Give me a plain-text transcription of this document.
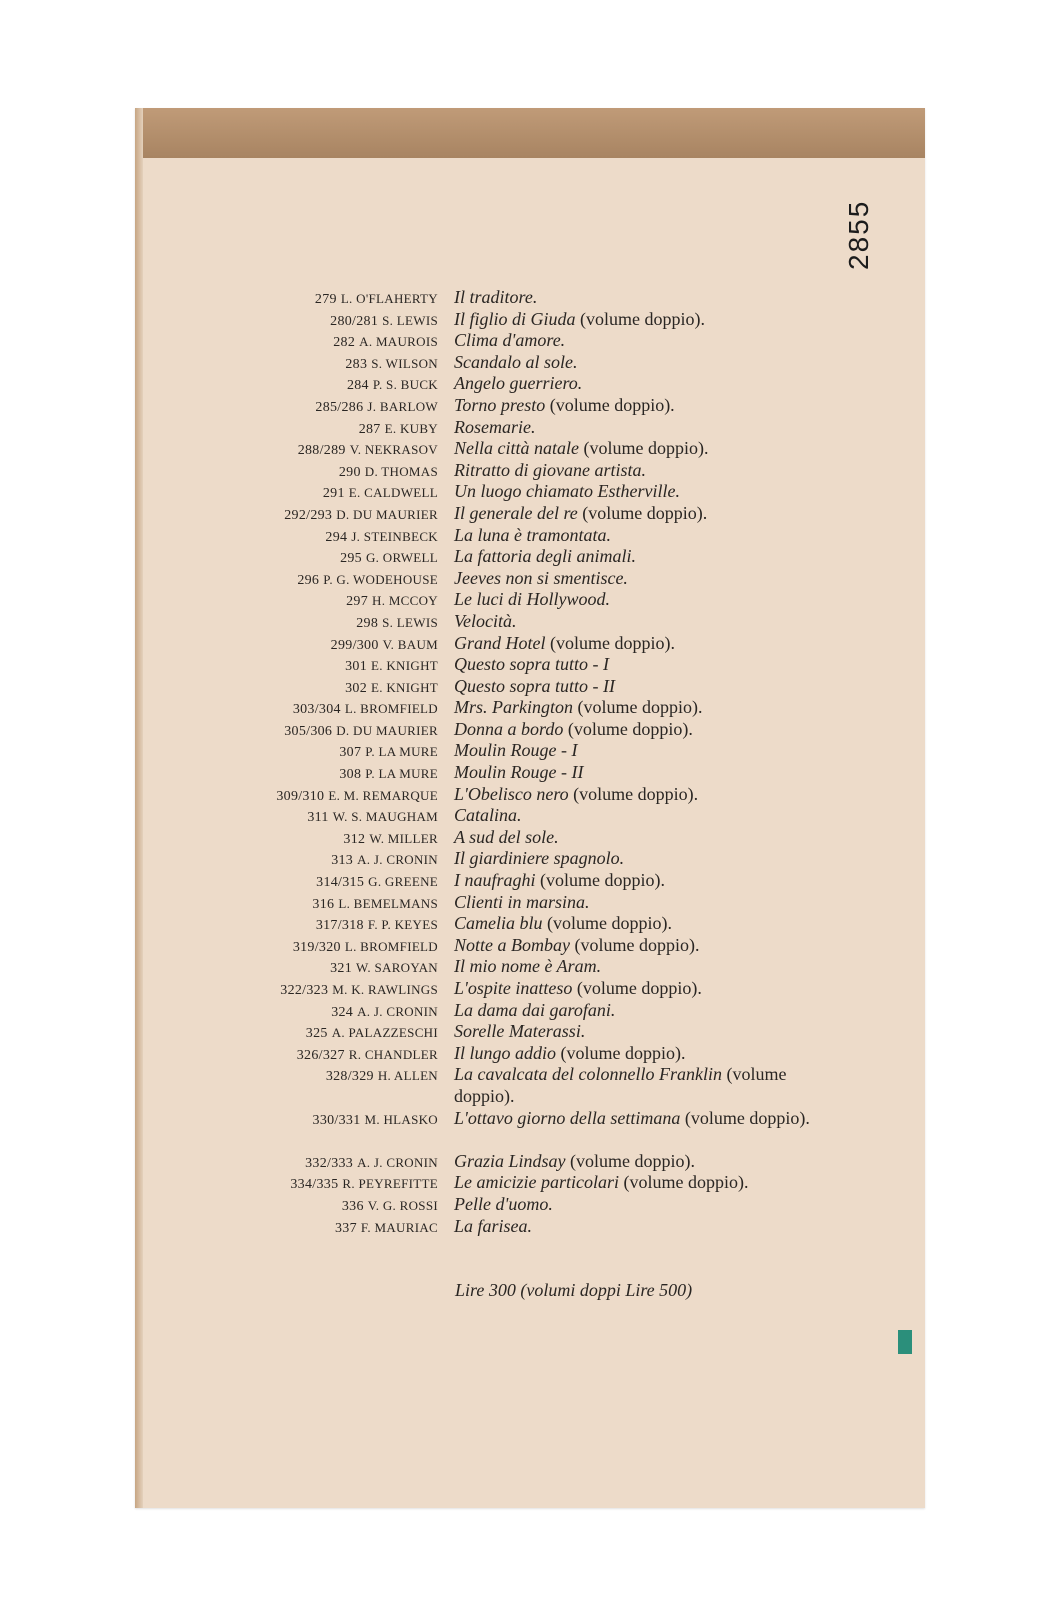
2855
279 L. O'FLAHERTY Il traditore.
280/281 S. LEWIS Il figlio di Giuda (volume doppio).
282 A. MAUROIS Clima d'amore.
283 S. WILSON Scandalo al sole.
284 P. S. BUCK Angelo guerriero.
285/286 J. BARLOW Torno presto (volume doppio).
287 E. KUBY Rosemarie.
288/289 V. NEKRASOV Nella città natale (volume doppio).
290 D. THOMAS Ritratto di giovane artista.
291 E. CALDWELL Un luogo chiamato Estherville.
292/293 D. DU MAURIER Il generale del re (volume doppio).
294 J. STEINBECK La luna è tramontata.
295 G. ORWELL La fattoria degli animali.
296 P. G. WODEHOUSE Jeeves non si smentisce.
297 H. MCCOY Le luci di Hollywood.
298 S. LEWIS Velocità.
299/300 V. BAUM Grand Hotel (volume doppio).
301 E. KNIGHT Questo sopra tutto - I
302 E. KNIGHT Questo sopra tutto - II
303/304 L. BROMFIELD Mrs. Parkington (volume doppio).
305/306 D. DU MAURIER Donna a bordo (volume doppio).
307 P. LA MURE Moulin Rouge - I
308 P. LA MURE Moulin Rouge - II
309/310 E. M. REMARQUE L'Obelisco nero (volume doppio).
311 W. S. MAUGHAM Catalina.
312 W. MILLER A sud del sole.
313 A. J. CRONIN Il giardiniere spagnolo.
314/315 G. GREENE I naufraghi (volume doppio).
316 L. BEMELMANS Clienti in marsina.
317/318 F. P. KEYES Camelia blu (volume doppio).
319/320 L. BROMFIELD Notte a Bombay (volume doppio).
321 W. SAROYAN Il mio nome è Aram.
322/323 M. K. RAWLINGS L'ospite inatteso (volume doppio).
324 A. J. CRONIN La dama dai garofani.
325 A. PALAZZESCHI Sorelle Materassi.
326/327 R. CHANDLER Il lungo addio (volume doppio).
328/329 H. ALLEN La cavalcata del colonnello Franklin (volume doppio).
330/331 M. HLASKO L'ottavo giorno della settimana (volume doppio).
332/333 A. J. CRONIN Grazia Lindsay (volume doppio).
334/335 R. PEYREFITTE Le amicizie particolari (volume doppio).
336 V. G. ROSSI Pelle d'uomo.
337 F. MAURIAC La farisea.
Lire 300 (volumi doppi Lire 500)
